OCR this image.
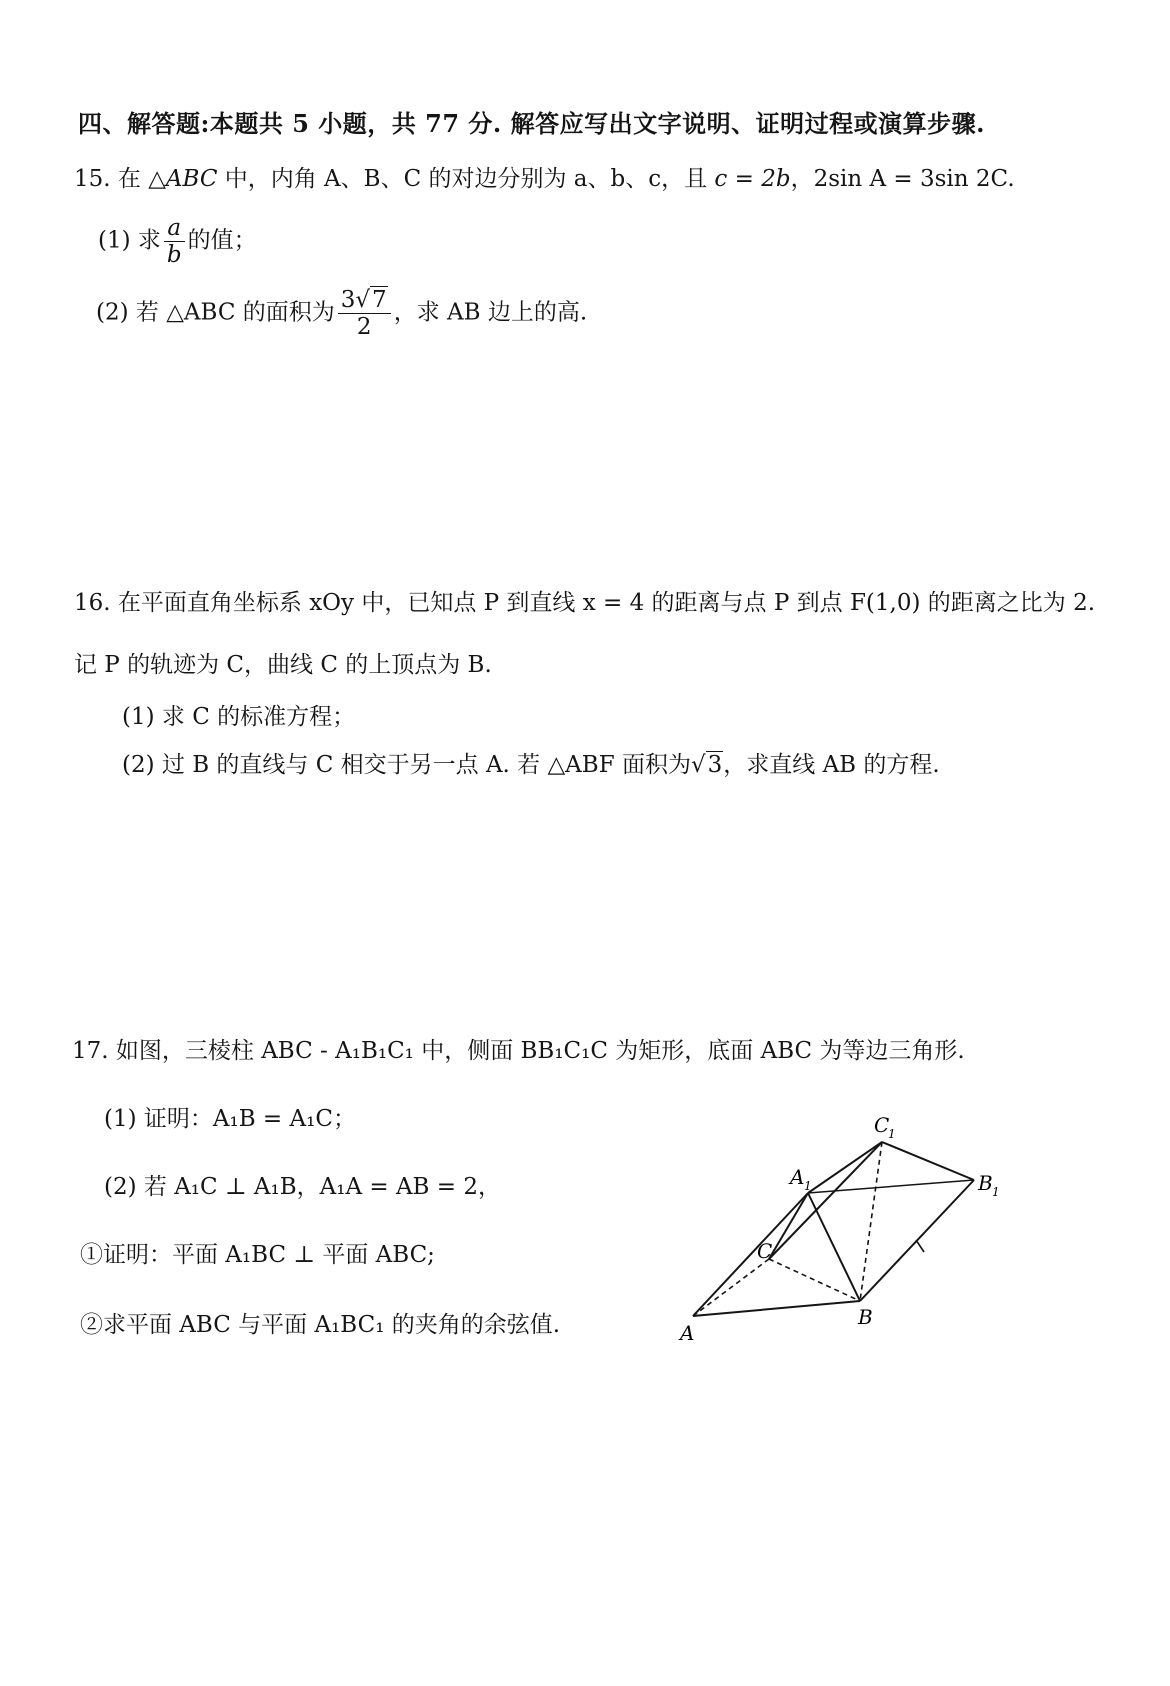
四、解答题:本题共 5 小题，共 77 分. 解答应写出文字说明、证明过程或演算步骤.
15. 在 △ABC 中，内角 A、B、C 的对边分别为 a、b、c，且 c = 2b，2sin A = 3sin 2C.
(1) 求 $\frac{a}{b}$ 的值；
(2) 若 △ABC 的面积为 $\frac{3√7}{2}$ ，求 AB 边上的高.
16. 在平面直角坐标系 xOy 中，已知点 P 到直线 x = 4 的距离与点 P 到点 F(1,0) 的距离之比为 2.
记 P 的轨迹为 C，曲线 C 的上顶点为 B.
(1) 求 C 的标准方程；
(2) 过 B 的直线与 C 相交于另一点 A. 若 △ABF 面积为√3，求直线 AB 的方程.
17. 如图，三棱柱 ABC - A₁B₁C₁ 中，侧面 BB₁C₁C 为矩形，底面 ABC 为等边三角形.
(1) 证明：A₁B = A₁C；
(2) 若 A₁C ⊥ A₁B，A₁A = AB = 2，
①证明：平面 A₁BC ⊥ 平面 ABC;
②求平面 ABC 与平面 A₁BC₁ 的夹角的余弦值.	A
B
C
A 1
C
1
B 1
